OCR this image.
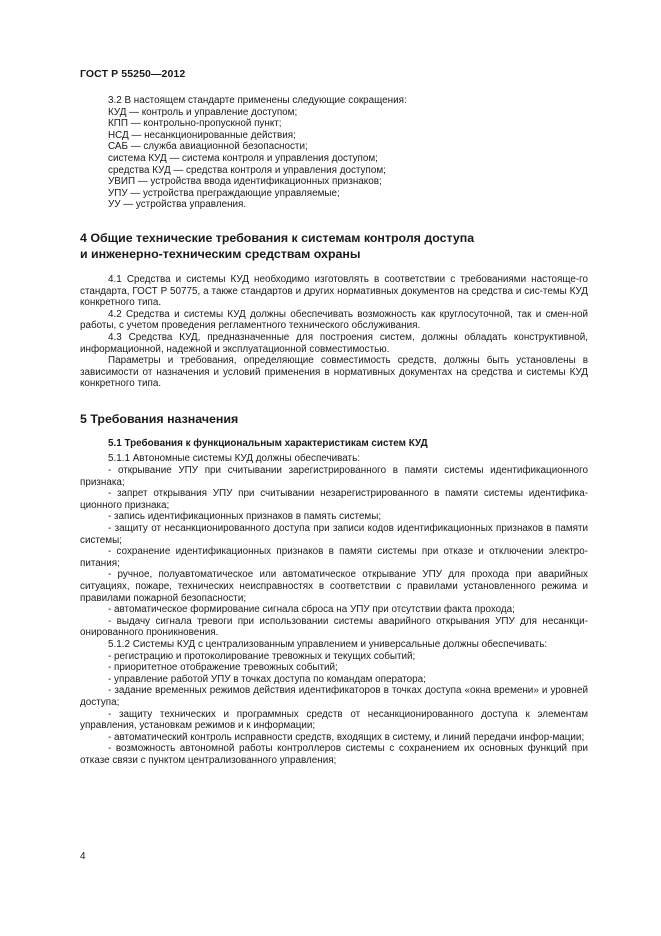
ГОСТ Р 55250—2012

3.2 В настоящем стандарте применены следующие сокращения:

КУД — контроль и управление доступом;

КПП — контрольно-пропускной пункт;

НСД — несанкционированные действия;

САБ — служба авиационной безопасности;

система КУД — система контроля и управления доступом;

средства КУД — средства контроля и управления доступом;

УВИП — устройства ввода идентификационных признаков;

УПУ — устройства преграждающие управляемые;

УУ — устройства управления.

4 Общие технические требования к системам контроля доступа

и инженерно-техническим средствам охраны

4.1 Средства и системы КУД необходимо изготовлять в соответствии с требованиями настояще-го стандарта, ГОСТ Р 50775, а также стандартов и других нормативных документов на средства и сис-темы КУД конкретного типа.

4.2 Средства и системы КУД должны обеспечивать возможность как круглосуточной, так и смен-ной работы, с учетом проведения регламентного технического обслуживания.

4.3 Средства КУД, предназначенные для построения систем, должны обладать конструктивной, информационной, надежной и эксплуатационной совместимостью.

Параметры и требования, определяющие совместимость средств, должны быть установлены в зависимости от назначения и условий применения в нормативных документах на средства и системы КУД конкретного типа.

5 Требования назначения

5.1 Требования к функциональным характеристикам систем КУД

5.1.1 Автономные системы КУД должны обеспечивать:

- открывание УПУ при считывании зарегистрированного в памяти системы идентификационного признака;

- запрет открывания УПУ при считывании незарегистрированного в памяти системы идентифика-ционного признака;

- запись идентификационных признаков в память системы;

- защиту от несанкционированного доступа при записи кодов идентификационных признаков в памяти системы;

- сохранение идентификационных признаков в памяти системы при отказе и отключении электро-питания;

- ручное, полуавтоматическое или автоматическое открывание УПУ для прохода при аварийных ситуациях, пожаре, технических неисправностях в соответствии с правилами установленного режима и правилами пожарной безопасности;

- автоматическое формирование сигнала сброса на УПУ при отсутствии факта прохода;

- выдачу сигнала тревоги при использовании системы аварийного открывания УПУ для несанкци-онированного проникновения.

5.1.2 Системы КУД с централизованным управлением и универсальные должны обеспечивать:

- регистрацию и протоколирование тревожных и текущих событий;

- приоритетное отображение тревожных событий;

- управление работой УПУ в точках доступа по командам оператора;

- задание временных режимов действия идентификаторов в точках доступа «окна времени» и уровней доступа;

- защиту технических и программных средств от несанкционированного доступа к элементам управления, установкам режимов и к информации;

- автоматический контроль исправности средств, входящих в систему, и линий передачи инфор-мации;

- возможность автономной работы контроллеров системы с сохранением их основных функций при отказе связи с пунктом централизованного управления;

4
